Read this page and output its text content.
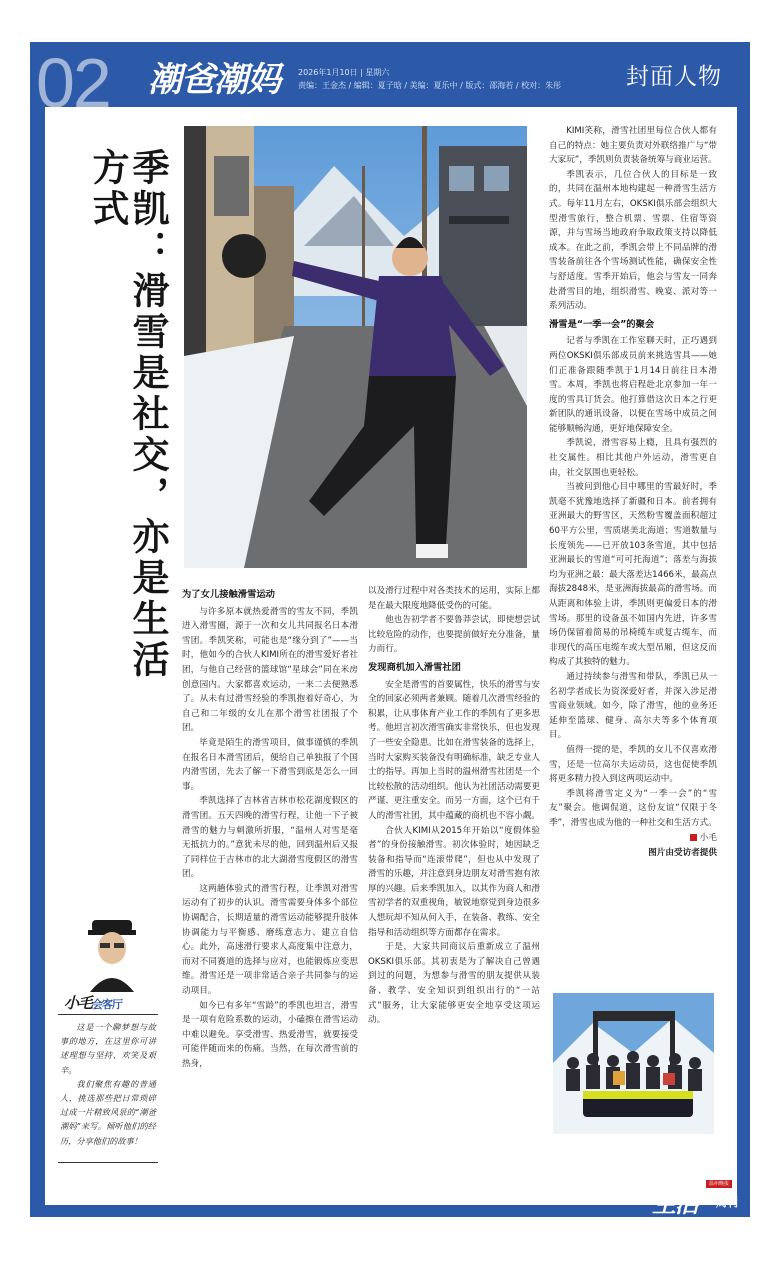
02 潮爸潮妈 2026年1月10日 | 星期六
责编：王金杰 / 编辑：夏子晗 / 美编：夏乐中 / 版式：邵海若 / 校对：朱彤	封面人物
季凯：滑雪是社交，亦是生活方式
为了女儿接触滑雪运动

与许多原本就热爱滑雪的雪友不同，季凯进入滑雪圈，源于一次和女儿共同报名日本滑雪团。季凯笑称，可能也是“缘分到了”——当时，他如今的合伙人KIMI所在的滑雪爱好者社团，与他自己经营的篮球馆“星球会”同在米房创意园内。大家都喜欢运动，一来二去便熟悉了。从未有过滑雪经验的季凯抱着好奇心，为自己和二年级的女儿在那个滑雪社团报了个团。

毕竟是陌生的滑雪项目，做事谨慎的季凯在报名日本滑雪团后，便给自己单独报了个国内滑雪团，先去了解一下滑雪到底是怎么一回事。

季凯选择了吉林省吉林市松花湖度假区的滑雪团。五天四晚的滑雪行程，让他一下子被滑雪的魅力与刺激所折服，“温州人对雪是毫无抵抗力的。”意犹未尽的他，回到温州后又报了同样位于吉林市的北大湖滑雪度假区的滑雪团。

这两趟体验式的滑雪行程，让季凯对滑雪运动有了初步的认识。滑雪需要身体多个部位协调配合，长期适量的滑雪运动能够提升肢体协调能力与平衡感、磨练意志力、建立自信心。此外，高速滑行要求人高度集中注意力，而对不同赛道的选择与应对，也能锻炼应变思维。滑雪还是一项非常适合亲子共同参与的运动项目。

如今已有多年“雪龄”的季凯也坦言，滑雪是一项有危险系数的运动，小磕擦在滑雪运动中难以避免。享受滑雪、热爱滑雪，就要接受可能伴随而来的伤痛。当然，在每次滑雪前的热身，

以及滑行过程中对各类技术的运用，实际上都是在最大限度地降低受伤的可能。

他也告初学者不要鲁莽尝试，即使想尝试比较危险的动作，也要提前做好充分准备，量力而行。

发现商机加入滑雪社团

安全是滑雪的首要属性，快乐的滑雪与安全的回家必须两者兼顾。随着几次滑雪经验的积累，让从事体育产业工作的季凯有了更多思考。他坦言初次滑雪确实非常快乐，但也发现了一些安全隐患。比如在滑雪装备的选择上，当时大家购买装备没有明确标准，缺乏专业人士的指导。再加上当时的温州滑雪社团是一个比较松散的活动组织。他认为社团活动需要更严谨、更注重安全。而另一方面，这个已有千人的滑雪社团，其中蕴藏的商机也不容小觑。

合伙人KIMI从2015年开始以“度假体验者”的身份接触滑雪。初次体验时，她因缺乏装备和指导而“连滚带爬”，但也从中发现了滑雪的乐趣，并注意到身边朋友对滑雪抱有浓厚的兴趣。后来季凯加入，以其作为商人和滑雪初学者的双重视角，敏锐地察觉到身边很多人想玩却不知从何入手，在装备、教练、安全指导和活动组织等方面都存在需求。

于是，大家共同商议后重新成立了温州OKSKI俱乐部。其初衷是为了解决自己曾遇到过的问题，为想参与滑雪的朋友提供从装备、教学、安全知识到组织出行的“一站式”服务，让大家能够更安全地享受这项运动。

KIMI笑称，滑雪社团里每位合伙人都有自己的特点：她主要负责对外联络推广与“带大家玩”，季凯则负责装备统筹与商业运营。

季凯表示，几位合伙人的目标是一致的，共同在温州本地构建起一种滑雪生活方式。每年11月左右，OKSKI俱乐部会组织大型滑雪旅行，整合机票、雪票、住宿等资源，并与雪场当地政府争取政策支持以降低成本。在此之前，季凯会带上不同品牌的滑雪装备前往各个雪场测试性能，确保安全性与舒适度。雪季开始后，他会与雪友一同奔赴滑雪目的地，组织滑雪、晚宴、派对等一系列活动。

滑雪是“一季一会”的聚会

记者与季凯在工作室聊天时，正巧遇到两位OKSKI俱乐部成员前来挑选雪具——她们正准备跟随季凯于1月14日前往日本滑雪。本周，季凯也将启程赴北京参加一年一度的雪具订货会。他打算借这次日本之行更新团队的通讯设备，以便在雪场中成员之间能够顺畅沟通，更好地保障安全。

季凯说，滑雪容易上瘾，且具有强烈的社交属性。相比其他户外运动，滑雪更自由，社交氛围也更轻松。

当被问到他心目中哪里的雪最好时，季凯毫不犹豫地选择了新疆和日本。前者拥有亚洲最大的野雪区，天然粉雪覆盖面积超过60平方公里，雪质堪美北海道；雪道数量与长度领先——已开放103条雪道，其中包括亚洲最长的雪道“可可托海道”；落差与海拔均为亚洲之最：最大落差达1466米，最高点海拔2848米，是亚洲海拔最高的滑雪场。而从距离和体验上讲，季凯则更偏爱日本的滑雪场。那里的设备虽不如国内先进，许多雪场仍保留着简易的吊椅缆车或复古缆车，而非现代的高压电缆车或大型吊厢，但这反而构成了其独特的魅力。

通过持续参与滑雪和带队，季凯已从一名初学者成长为资深爱好者，并深入涉足滑雪商业领域。如今，除了滑雪，他的业务还延伸至篮球、健身、高尔夫等多个体育项目。

值得一提的是，季凯的女儿不仅喜欢滑雪，还是一位高尔夫运动员，这也促使季凯将更多精力投入到这两项运动中。

季凯将滑雪定义为“一季一会”的“雪友”聚会。他调侃道，这份友谊“仅限于冬季”，滑雪也成为他的一种社交和生活方式。

小毛
图片由受访者提供
小毛会客厅

这是一个聊梦想与故事的地方，在这里你可讲述理想与坚持、欢笑及艰辛。

我们聚焦有趣的普通人，挑选那些把日常琐碎过成一片精致风景的“潮爸潮妈”来写。倾听他们的经历，分享他们的故事！

生活 周刊
温州晚报
